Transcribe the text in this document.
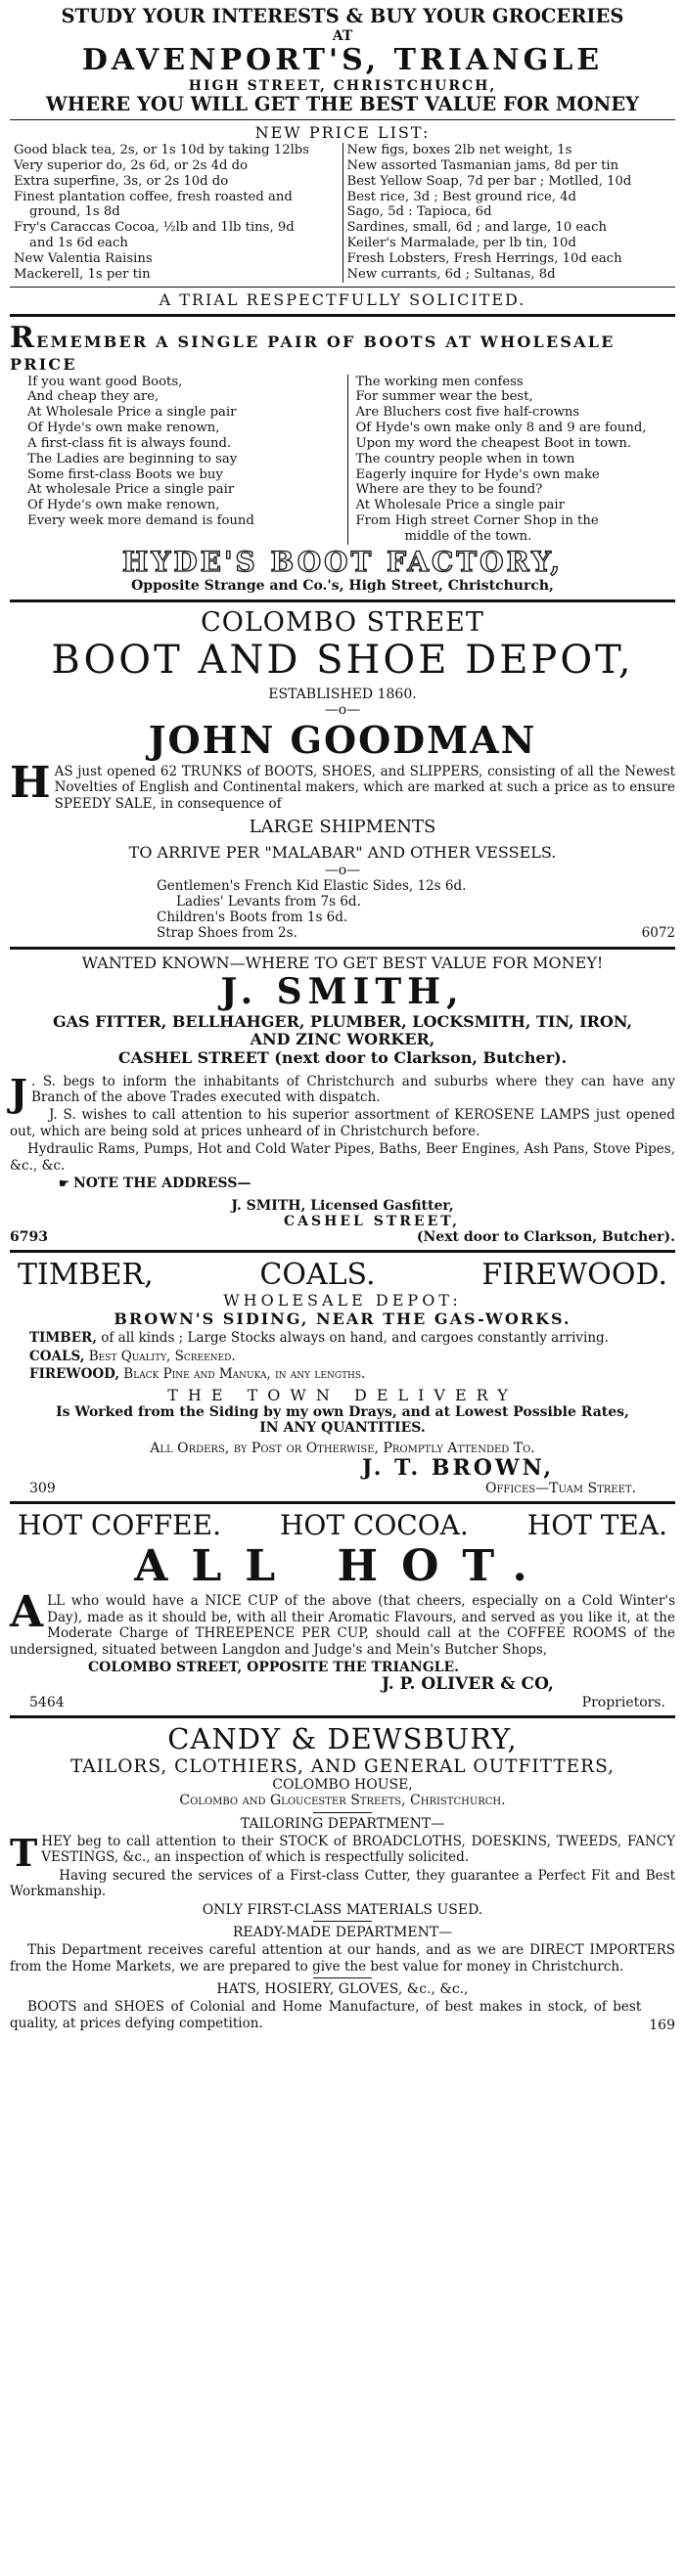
STUDY YOUR INTERESTS & BUY YOUR GROCERIES

AT

DAVENPORT'S, TRIANGLE

HIGH STREET, CHRISTCHURCH,

WHERE YOU WILL GET THE BEST VALUE FOR MONEY

NEW PRICE LIST:

Good black tea, 2s, or 1s 10d by taking 12lbs

Very superior do, 2s 6d, or 2s 4d do

Extra superfine, 3s, or 2s 10d do

Finest plantation coffee, fresh roasted and

ground, 1s 8d

Fry's Caraccas Cocoa, ½lb and 1lb tins, 9d

and 1s 6d each

New Valentia Raisins

Mackerell, 1s per tin

New figs, boxes 2lb net weight, 1s

New assorted Tasmanian jams, 8d per tin

Best Yellow Soap, 7d per bar ; Motlled, 10d

Best rice, 3d ; Best ground rice, 4d

Sago, 5d : Tapioca, 6d

Sardines, small, 6d ; and large, 10 each

Keiler's Marmalade, per lb tin, 10d

Fresh Lobsters, Fresh Herrings, 10d each

New currants, 6d ; Sultanas, 8d

A TRIAL RESPECTFULLY SOLICITED.

REMEMBER A SINGLE PAIR OF BOOTS AT WHOLESALE PRICE

If you want good Boots,

And cheap they are,

At Wholesale Price a single pair

Of Hyde's own make renown,

A first-class fit is always found.

The Ladies are beginning to say

Some first-class Boots we buy

At wholesale Price a single pair

Of Hyde's own make renown,

Every week more demand is found

The working men confess

For summer wear the best,

Are Bluchers cost five half-crowns

Of Hyde's own make only 8 and 9 are found,

Upon my word the cheapest Boot in town.

The country people when in town

Eagerly inquire for Hyde's own make

Where are they to be found?

At Wholesale Price a single pair

From High street Corner Shop in the

middle of the town.

HYDE'S BOOT FACTORY,

Opposite Strange and Co.'s, High Street, Christchurch,

COLOMBO STREET

BOOT AND SHOE DEPOT,

ESTABLISHED 1860.

—o—

JOHN GOODMAN

HAS just opened 62 TRUNKS of BOOTS, SHOES, and SLIPPERS, consisting of all the Newest Novelties of English and Continental makers, which are marked at such a price as to ensure SPEEDY SALE, in consequence of

LARGE SHIPMENTS

TO ARRIVE PER "MALABAR" AND OTHER VESSELS.

—o—

Gentlemen's French Kid Elastic Sides, 12s 6d.

Ladies' Levants from 7s 6d.

Children's Boots from 1s 6d.

Strap Shoes from 2s.	6072

WANTED KNOWN—WHERE TO GET BEST VALUE FOR MONEY!

J. SMITH,

GAS FITTER, BELLHAHGER, PLUMBER, LOCKSMITH, TIN, IRON,

AND ZINC WORKER,

CASHEL STREET (next door to Clarkson, Butcher).

J . S. begs to inform the inhabitants of Christchurch and suburbs where they can have any Branch of the above Trades executed with dispatch.

J. S. wishes to call attention to his superior assortment of KEROSENE LAMPS just opened out, which are being sold at prices unheard of in Christchurch before.

Hydraulic Rams, Pumps, Hot and Cold Water Pipes, Baths, Beer Engines, Ash Pans, Stove Pipes, &c., &c.

☛ NOTE THE ADDRESS—

J. SMITH, Licensed Gasfitter,

CASHEL STREET,

6793	(Next door to Clarkson, Butcher).
TIMBER,	COALS.	FIREWOOD.

WHOLESALE DEPOT:

BROWN'S SIDING, NEAR THE GAS-WORKS.

TIMBER, of all kinds ; Large Stocks always on hand, and cargoes constantly arriving.

COALS, Best Quality, Screened.

FIREWOOD, Black Pine and Manuka, in any lengths.

THE TOWN DELIVERY

Is Worked from the Siding by my own Drays, and at Lowest Possible Rates,

IN ANY QUANTITIES.

All Orders, by Post or Otherwise, Promptly Attended To.

J. T. BROWN,

309	Offices—Tuam Street.
HOT COFFEE. HOT COCOA. HOT TEA.

ALL HOT.

ALL who would have a NICE CUP of the above (that cheers, especially on a Cold Winter's Day), made as it should be, with all their Aromatic Flavours, and served as you like it, at the Moderate Charge of THREEPENCE PER CUP, should call at the COFFEE ROOMS of the undersigned, situated between Langdon and Judge's and Mein's Butcher Shops,

COLOMBO STREET, OPPOSITE THE TRIANGLE.

J. P. OLIVER & CO,

5464	Proprietors.

CANDY & DEWSBURY,

TAILORS, CLOTHIERS, AND GENERAL OUTFITTERS,

COLOMBO HOUSE,

Colombo and Gloucester Streets, Christchurch.

TAILORING DEPARTMENT—

THEY beg to call attention to their STOCK of BROADCLOTHS, DOESKINS, TWEEDS, FANCY VESTINGS, &c., an inspection of which is respectfully solicited.

Having secured the services of a First-class Cutter, they guarantee a Perfect Fit and Best Workmanship.

ONLY FIRST-CLASS MATERIALS USED.

READY-MADE DEPARTMENT—

This Department receives careful attention at our hands, and as we are DIRECT IMPORTERS from the Home Markets, we are prepared to give the best value for money in Christchurch.

HATS, HOSIERY, GLOVES, &c., &c.,

BOOTS and SHOES of Colonial and Home Manufacture, of best makes in stock, of best quality, at prices defying competition.	169
